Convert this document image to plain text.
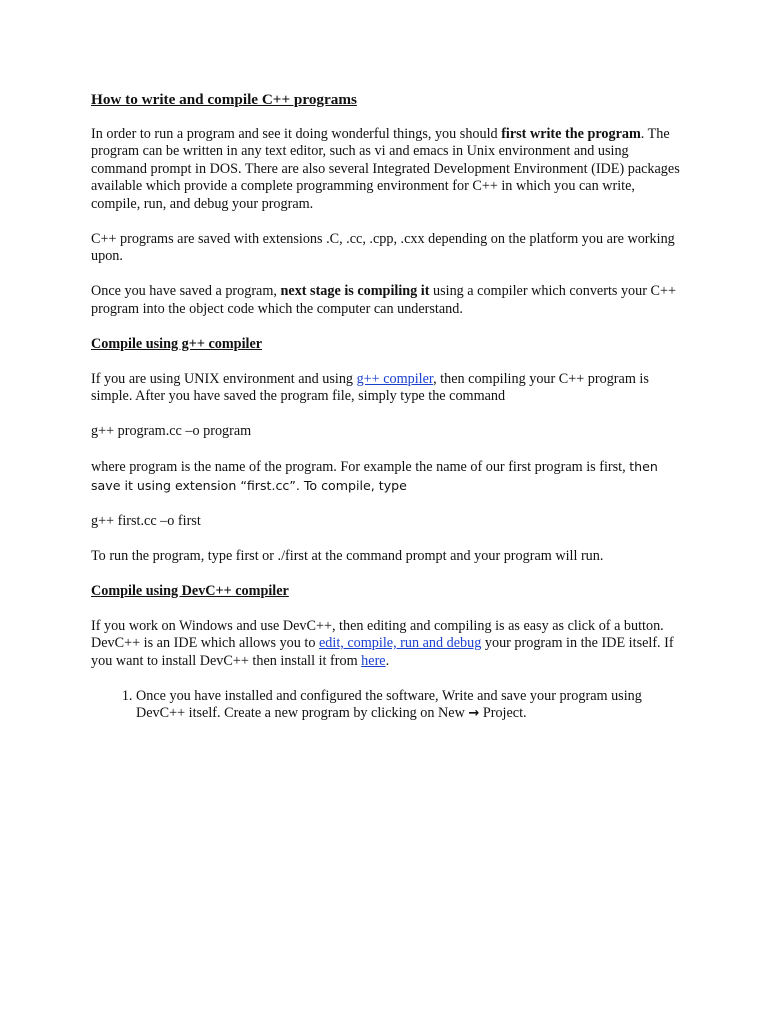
How to write and compile C++ programs
In order to run a program and see it doing wonderful things, you should first write the program. The program can be written in any text editor, such as vi and emacs in Unix environment and using command prompt in DOS. There are also several Integrated Development Environment (IDE) packages available which provide a complete programming environment for C++ in which you can write, compile, run, and debug your program.
C++ programs are saved with extensions .C, .cc, .cpp, .cxx depending on the platform you are working upon.
Once you have saved a program, next stage is compiling it using a compiler which converts your C++ program into the object code which the computer can understand.
Compile using g++ compiler
If you are using UNIX environment and using g++ compiler, then compiling your C++ program is simple. After you have saved the program file, simply type the command
g++ program.cc –o program
where program is the name of the program. For example the name of our first program is first, then save it using extension “first.cc”. To compile, type
g++ first.cc –o first
To run the program, type first or ./first at the command prompt and your program will run.
Compile using DevC++ compiler
If you work on Windows and use DevC++, then editing and compiling is as easy as click of a button. DevC++ is an IDE which allows you to edit, compile, run and debug your program in the IDE itself. If you want to install DevC++ then install it from here.
1. Once you have installed and configured the software, Write and save your program using DevC++ itself. Create a new program by clicking on New → Project.
